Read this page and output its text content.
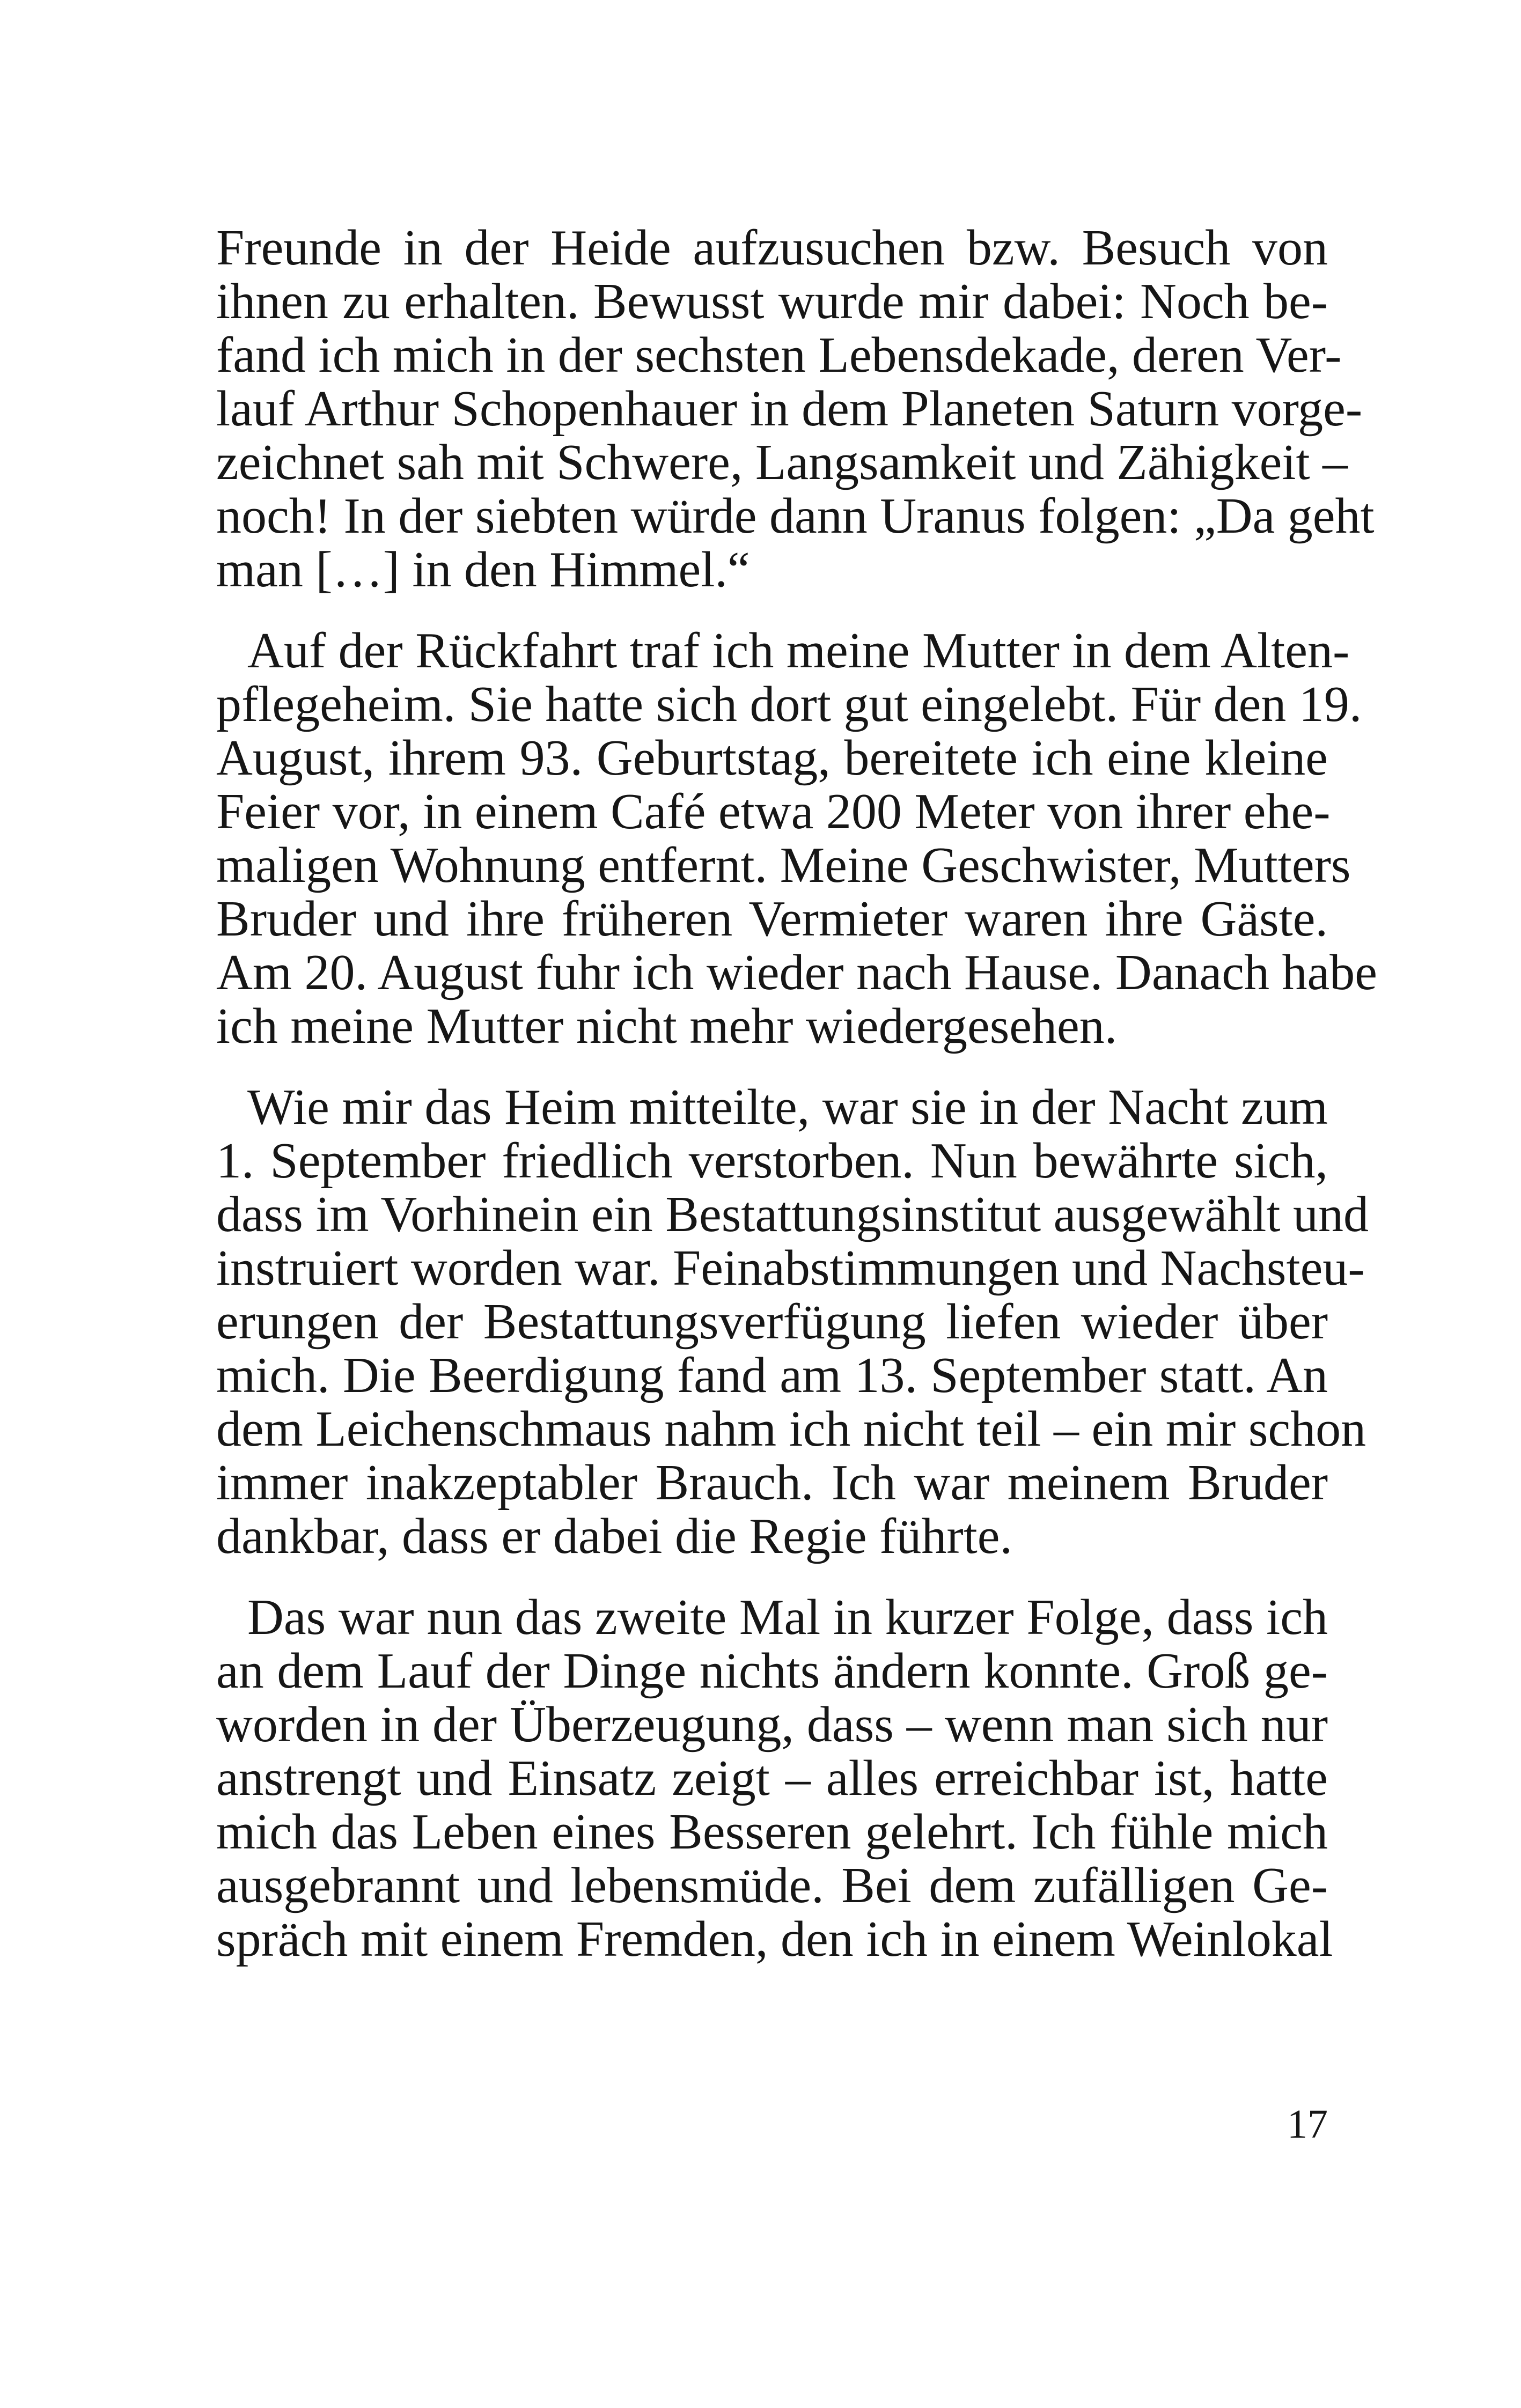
Freunde in der Heide aufzusuchen bzw. Besuch von
ihnen zu erhalten. Bewusst wurde mir dabei: Noch be-
fand ich mich in der sechsten Lebensdekade, deren Ver-
lauf Arthur Schopenhauer in dem Planeten Saturn vorge-
zeichnet sah mit Schwere, Langsamkeit und Zähigkeit –
noch! In der siebten würde dann Uranus folgen: „Da geht
man […] in den Himmel.“
Auf der Rückfahrt traf ich meine Mutter in dem Alten-
pflegeheim. Sie hatte sich dort gut eingelebt. Für den 19.
August, ihrem 93. Geburtstag, bereitete ich eine kleine
Feier vor, in einem Café etwa 200 Meter von ihrer ehe-
maligen Wohnung entfernt. Meine Geschwister, Mutters
Bruder und ihre früheren Vermieter waren ihre Gäste.
Am 20. August fuhr ich wieder nach Hause. Danach habe
ich meine Mutter nicht mehr wiedergesehen.
Wie mir das Heim mitteilte, war sie in der Nacht zum
1. September friedlich verstorben. Nun bewährte sich,
dass im Vorhinein ein Bestattungsinstitut ausgewählt und
instruiert worden war. Feinabstimmungen und Nachsteu-
erungen der Bestattungsverfügung liefen wieder über
mich. Die Beerdigung fand am 13. September statt. An
dem Leichenschmaus nahm ich nicht teil – ein mir schon
immer inakzeptabler Brauch. Ich war meinem Bruder
dankbar, dass er dabei die Regie führte.
Das war nun das zweite Mal in kurzer Folge, dass ich
an dem Lauf der Dinge nichts ändern konnte. Groß ge-
worden in der Überzeugung, dass – wenn man sich nur
anstrengt und Einsatz zeigt – alles erreichbar ist, hatte
mich das Leben eines Besseren gelehrt. Ich fühle mich
ausgebrannt und lebensmüde. Bei dem zufälligen Ge-
spräch mit einem Fremden, den ich in einem Weinlokal
17
